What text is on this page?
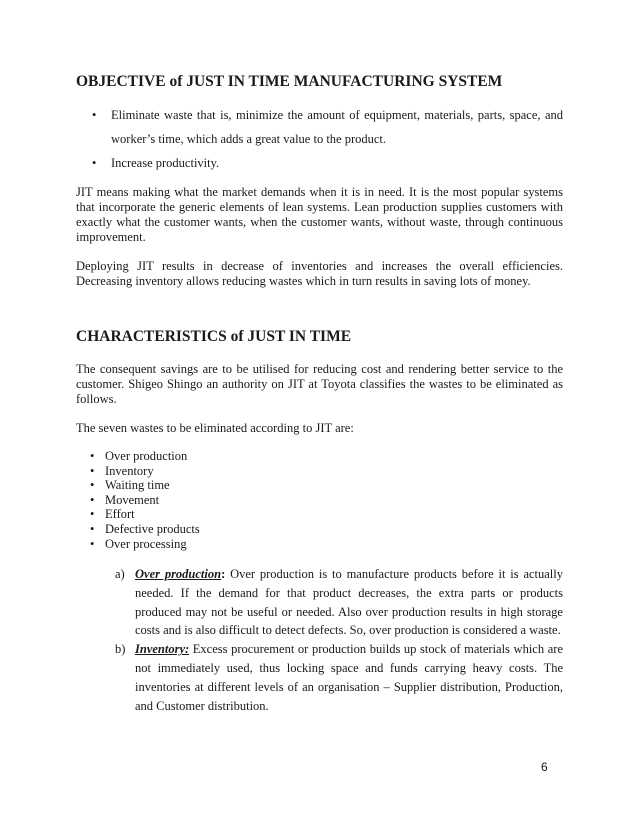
OBJECTIVE of JUST IN TIME MANUFACTURING SYSTEM
• Eliminate waste that is, minimize the amount of equipment, materials, parts, space, and worker’s time, which adds a great value to the product.
• Increase productivity.

JIT means making what the market demands when it is in need. It is the most popular systems that incorporate the generic elements of lean systems. Lean production supplies customers with exactly what the customer wants, when the customer wants, without waste, through continuous improvement.

Deploying JIT results in decrease of inventories and increases the overall efficiencies. Decreasing inventory allows reducing wastes which in turn results in saving lots of money.

CHARACTERISTICS of JUST IN TIME

The consequent savings are to be utilised for reducing cost and rendering better service to the customer. Shigeo Shingo an authority on JIT at Toyota classifies the wastes to be eliminated as follows.

The seven wastes to be eliminated according to JIT are:

• Over production
• Inventory
• Waiting time
• Movement
• Effort
• Defective products
• Over processing
a) Over production: Over production is to manufacture products before it is actually needed. If the demand for that product decreases, the extra parts or products produced may not be useful or needed. Also over production results in high storage costs and is also difficult to detect defects. So, over production is considered a waste.
b) Inventory: Excess procurement or production builds up stock of materials which are not immediately used, thus locking space and funds carrying heavy costs. The inventories at different levels of an organisation – Supplier distribution, Production, and Customer distribution.
6
